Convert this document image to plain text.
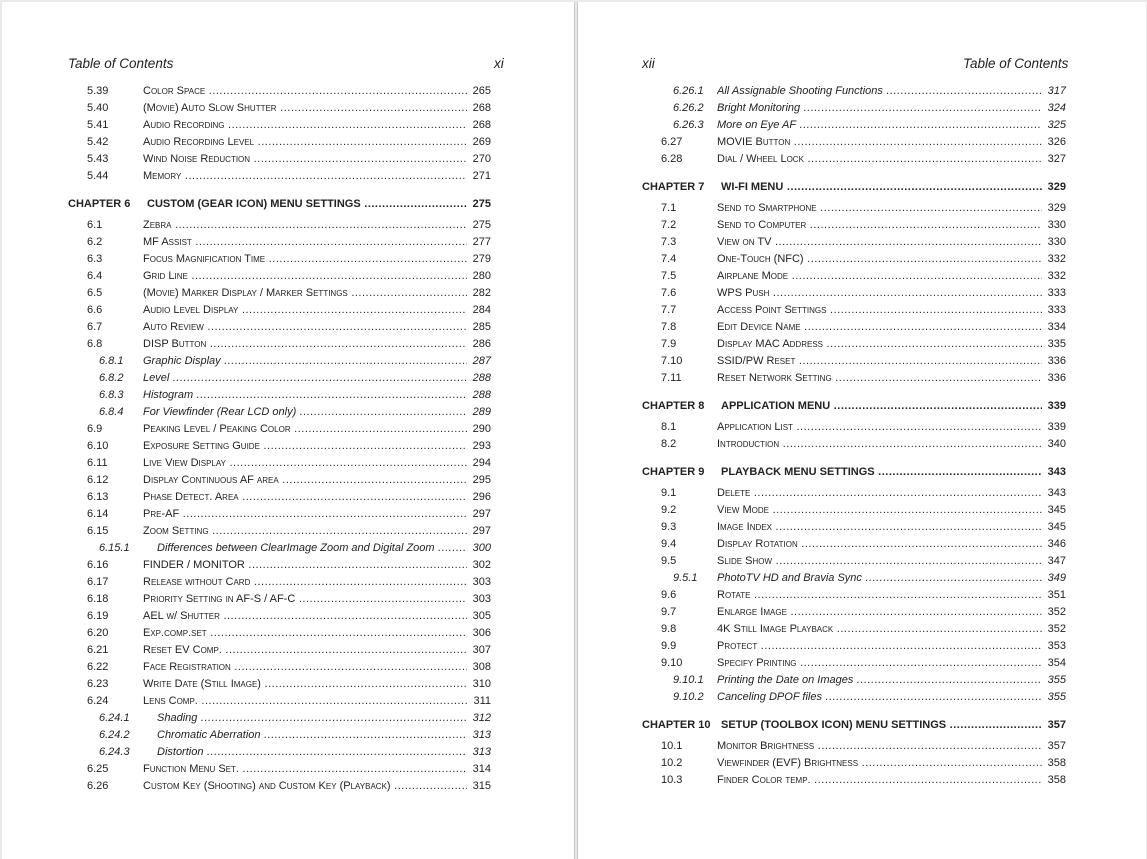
Table of Contents	xi
5.39	Color Space .....	265
5.40	(Movie) Auto Slow Shutter .....	268
5.41	Audio Recording .....	268
5.42	Audio Recording Level .....	269
5.43	Wind Noise Reduction .....	270
5.44	Memory .....	271
CHAPTER 6 CUSTOM (GEAR ICON) MENU SETTINGS .....	275
6.1	Zebra .....	275
6.2	MF Assist .....	277
6.3	Focus Magnification Time .....	279
6.4	Grid Line .....	280
6.5	(Movie) Marker Display / Marker Settings .....	282
6.6	Audio Level Display .....	284
6.7	Auto Review .....	285
6.8	DISP Button .....	286
6.8.1 Graphic Display .....	287
6.8.2 Level .....	288
6.8.3 Histogram .....	288
6.8.4 For Viewfinder (Rear LCD only) .....	289
6.9	Peaking Level / Peaking Color .....	290
6.10	Exposure Setting Guide .....	293
6.11	Live View Display .....	294
6.12	Display Continuous AF area .....	295
6.13	Phase Detect. Area .....	296
6.14	Pre-AF .....	297
6.15	Zoom Setting .....	297
6.15.1 Differences between ClearImage Zoom and Digital Zoom .....	300
6.16	FINDER / MONITOR .....	302
6.17	Release without Card .....	303
6.18	Priority Setting in AF-S / AF-C .....	303
6.19	AEL w/ Shutter .....	305
6.20	Exp.comp.set .....	306
6.21	Reset EV Comp. .....	307
6.22	Face Registration .....	308
6.23	Write Date (Still Image) .....	310
6.24	Lens Comp. .....	311
6.24.1 Shading .....	312
6.24.2 Chromatic Aberration .....	313
6.24.3 Distortion .....	313
6.25	Function Menu Set. .....	314
6.26	Custom Key (Shooting) and Custom Key (Playback) .....	315
xii	Table of Contents
6.26.1 All Assignable Shooting Functions .....	317
6.26.2 Bright Monitoring .....	324
6.26.3 More on Eye AF .....	325
6.27	MOVIE Button .....	326
6.28	Dial / Wheel Lock .....	327
CHAPTER 7 WI-FI MENU .....	329
7.1	Send to Smartphone .....	329
7.2	Send to Computer .....	330
7.3	View on TV .....	330
7.4	One-Touch (NFC) .....	332
7.5	Airplane Mode .....	332
7.6	WPS Push .....	333
7.7	Access Point Settings .....	333
7.8	Edit Device Name .....	334
7.9	Display MAC Address .....	335
7.10	SSID/PW Reset .....	336
7.11	Reset Network Setting .....	336
CHAPTER 8 APPLICATION MENU .....	339
8.1	Application List .....	339
8.2	Introduction .....	340
CHAPTER 9 PLAYBACK MENU SETTINGS .....	343
9.1	Delete .....	343
9.2	View Mode .....	345
9.3	Image Index .....	345
9.4	Display Rotation .....	346
9.5	Slide Show .....	347
9.5.1 PhotoTV HD and Bravia Sync .....	349
9.6	Rotate .....	351
9.7	Enlarge Image .....	352
9.8	4K Still Image Playback .....	352
9.9	Protect .....	353
9.10	Specify Printing .....	354
9.10.1 Printing the Date on Images .....	355
9.10.2 Canceling DPOF files .....	355
CHAPTER 10 SETUP (TOOLBOX ICON) MENU SETTINGS .....	357
10.1	Monitor Brightness .....	357
10.2	Viewfinder (EVF) Brightness .....	358
10.3	Finder Color temp. .....	358
